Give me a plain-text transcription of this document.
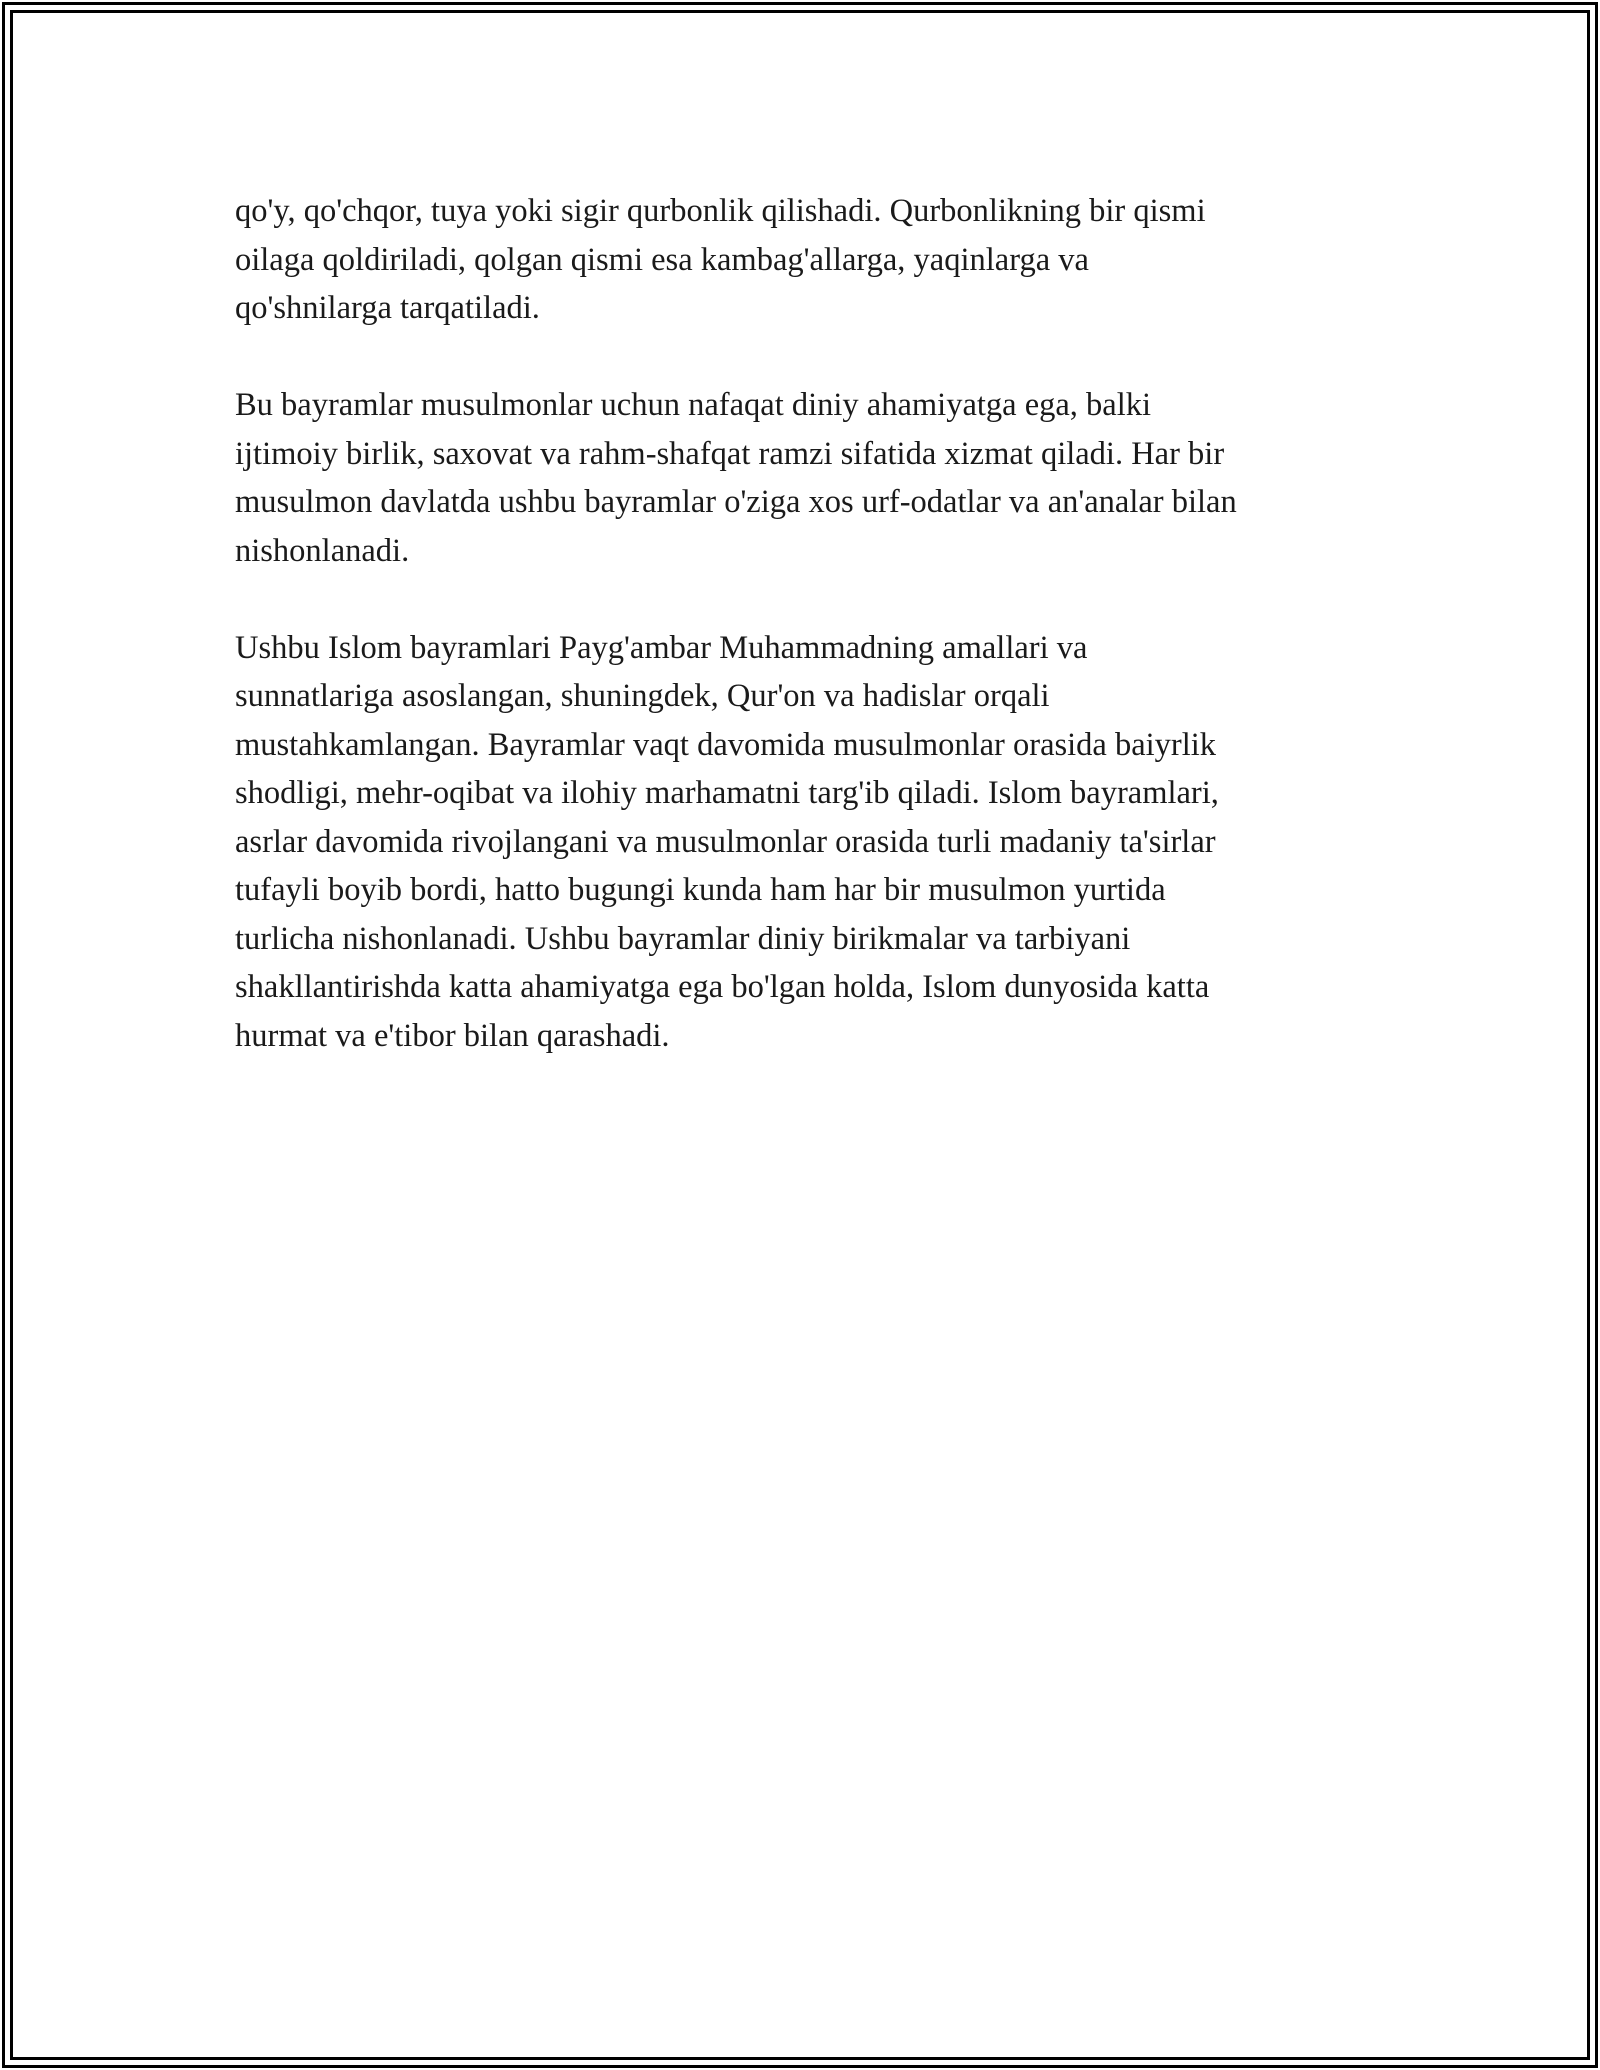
qo'y, qo'chqor, tuya yoki sigir qurbonlik qilishadi. Qurbonlikning bir qismi
oilaga qoldiriladi, qolgan qismi esa kambag'allarga, yaqinlarga va
qo'shnilarga tarqatiladi.

Bu bayramlar musulmonlar uchun nafaqat diniy ahamiyatga ega, balki
ijtimoiy birlik, saxovat va rahm-shafqat ramzi sifatida xizmat qiladi. Har bir
musulmon davlatda ushbu bayramlar o'ziga xos urf-odatlar va an'analar bilan
nishonlanadi.

Ushbu Islom bayramlari Payg'ambar Muhammadning amallari va
sunnatlariga asoslangan, shuningdek, Qur'on va hadislar orqali
mustahkamlangan. Bayramlar vaqt davomida musulmonlar orasida baiyrlik
shodligi, mehr-oqibat va ilohiy marhamatni targ'ib qiladi. Islom bayramlari,
asrlar davomida rivojlangani va musulmonlar orasida turli madaniy ta'sirlar
tufayli boyib bordi, hatto bugungi kunda ham har bir musulmon yurtida
turlicha nishonlanadi. Ushbu bayramlar diniy birikmalar va tarbiyani
shakllantirishda katta ahamiyatga ega bo'lgan holda, Islom dunyosida katta
hurmat va e'tibor bilan qarashadi.
